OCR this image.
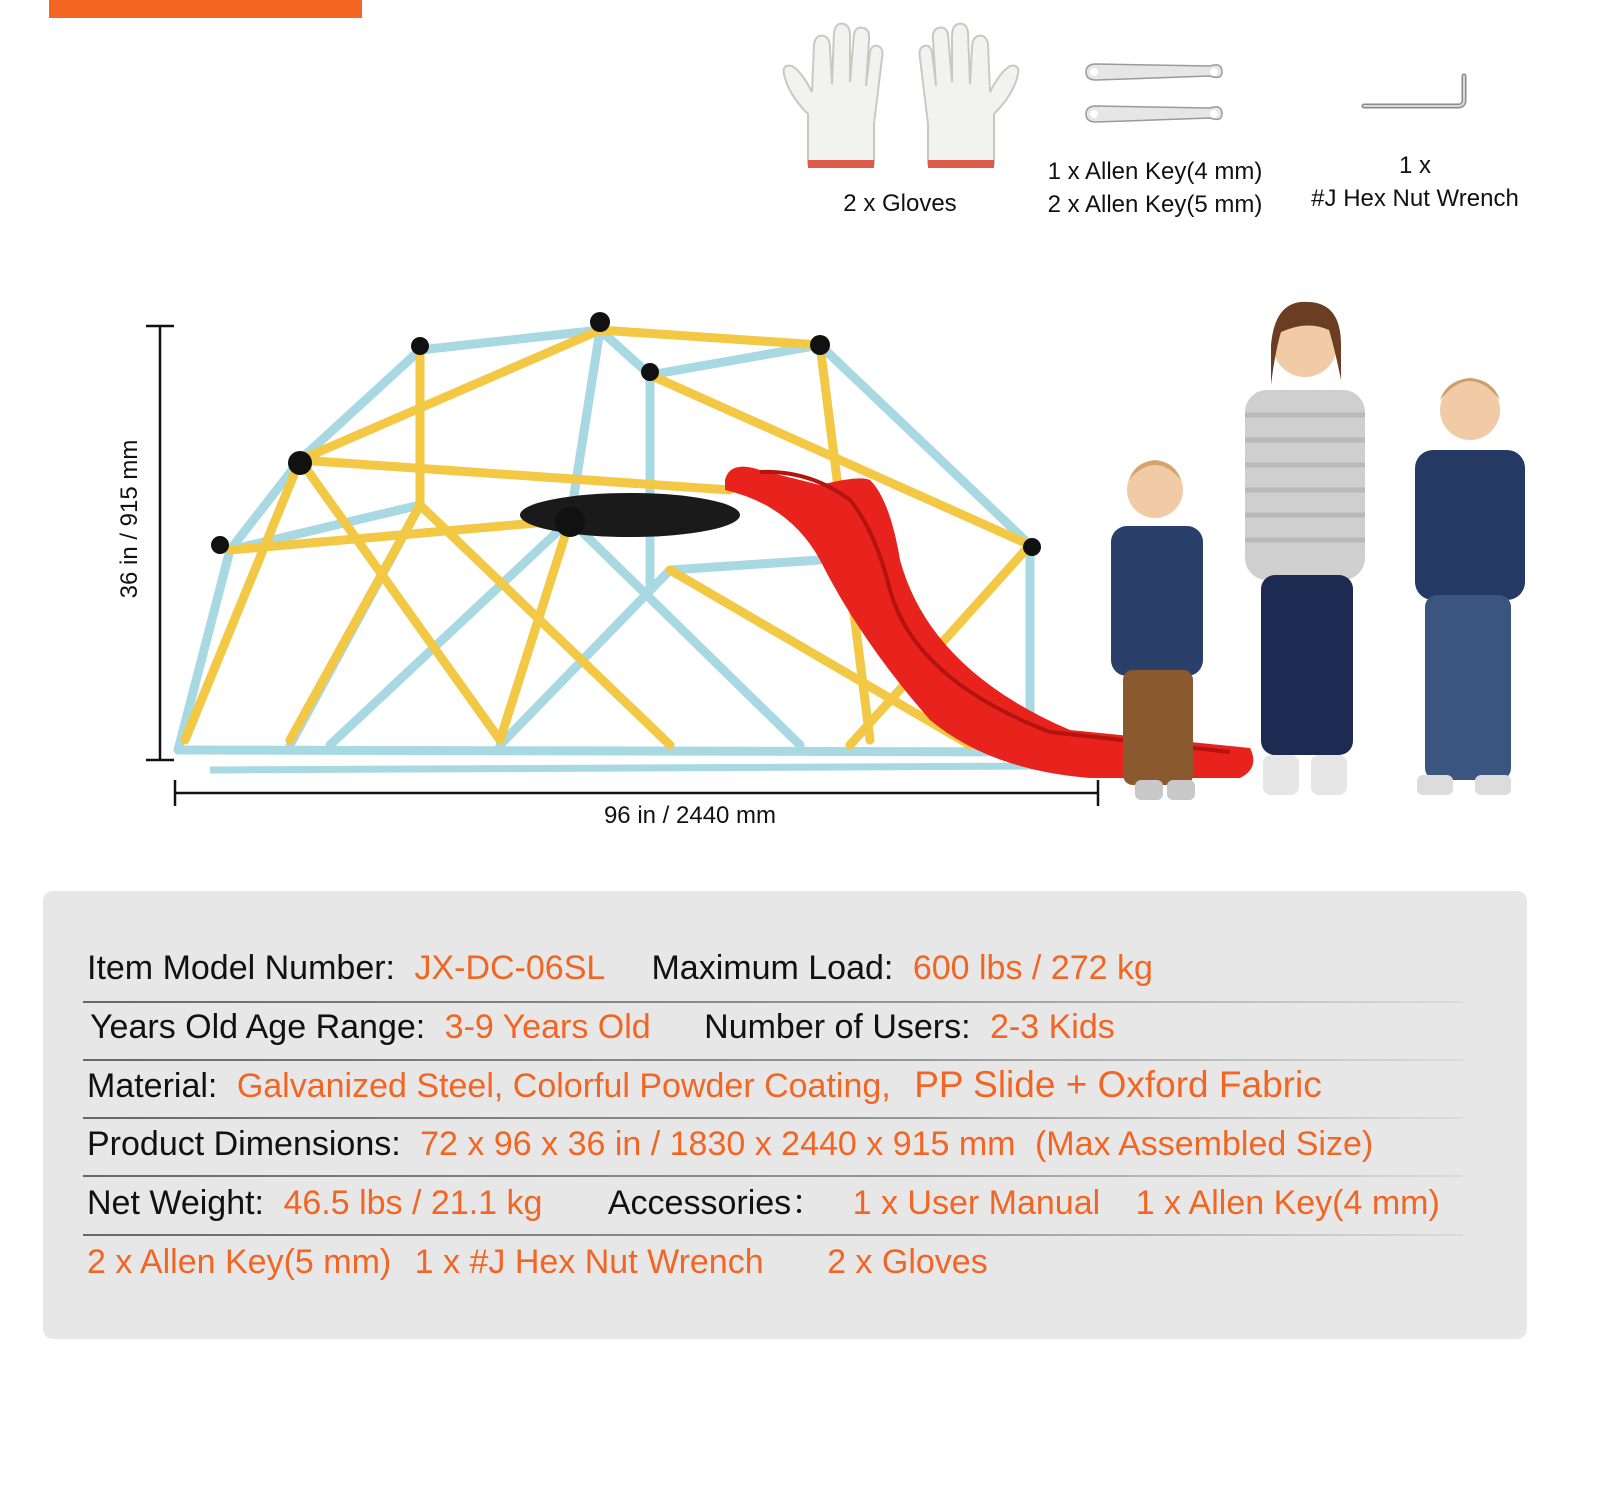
2 x Gloves
1 x Allen Key(4 mm)
2 x Allen Key(5 mm)
1 x
#J Hex Nut Wrench
36 in / 915 mm
96 in / 2440 mm
Item Model Number: JX-DC-06SL Maximum Load: 600 lbs / 272 kg
Years Old Age Range: 3-9 Years Old Number of Users: 2-3 Kids
Material: Galvanized Steel, Colorful Powder Coating, PP Slide + Oxford Fabric
Product Dimensions: 72 x 96 x 36 in / 1830 x 2440 x 915 mm (Max Assembled Size)
Net Weight: 46.5 lbs / 21.1 kg Accessories： 1 x User Manual 1 x Allen Key(4 mm)
2 x Allen Key(5 mm) 1 x #J Hex Nut Wrench 2 x Gloves
